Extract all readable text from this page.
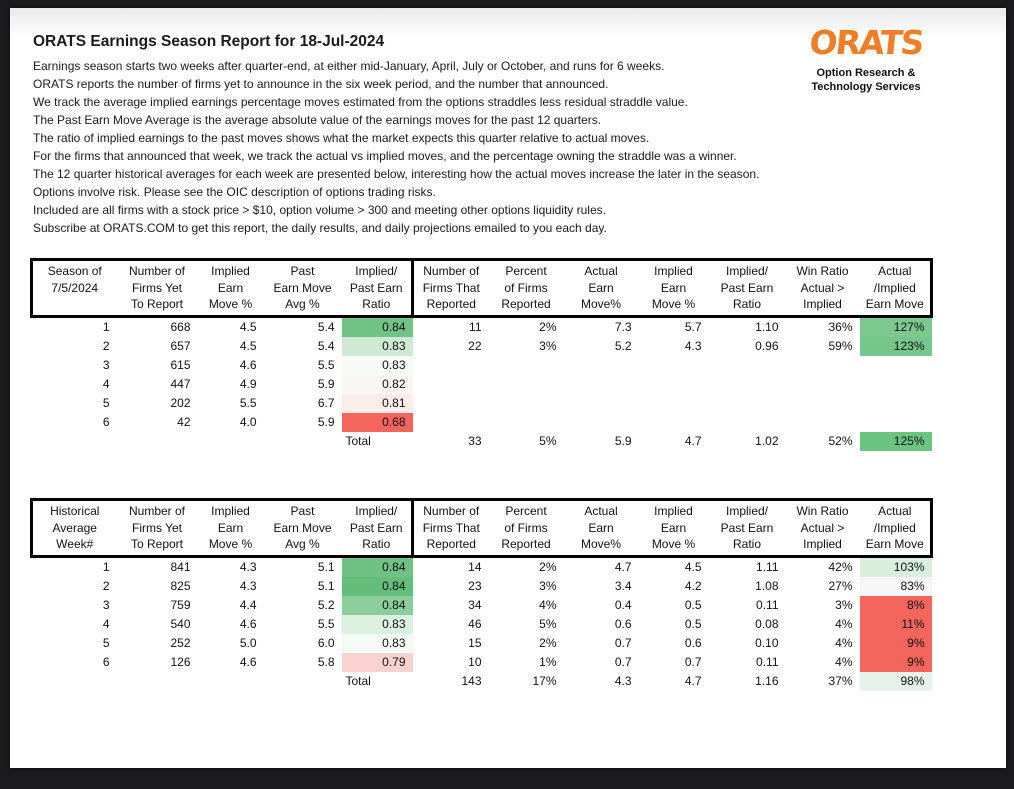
ORATS Earnings Season Report for 18-Jul-2024	ORATS
Option Research &
Technology Services
Earnings season starts two weeks after quarter-end, at either mid-January, April, July or October, and runs for 6 weeks.
ORATS reports the number of firms yet to announce in the six week period, and the number that announced.
We track the average implied earnings percentage moves estimated from the options straddles less residual straddle value.
The Past Earn Move Average is the average absolute value of the earnings moves for the past 12 quarters.
The ratio of implied earnings to the past moves shows what the market expects this quarter relative to actual moves.
For the firms that announced that week, we track the actual vs implied moves, and the percentage owning the straddle was a winner.
The 12 quarter historical averages for each week are presented below, interesting how the actual moves increase the later in the season.
Options involve risk. Please see the OIC description of options trading risks.
Included are all firms with a stock price > $10, option volume > 300 and meeting other options liquidity rules.
Subscribe at ORATS.COM to get this report, the daily results, and daily projections emailed to you each day.
Season of
7/5/2024

Number of
Firms Yet
To Report

Implied
Earn
Move %

Past
Earn Move
Avg %

Implied/
Past Earn
Ratio

Number of
Firms That
Reported

Percent
of Firms
Reported

Actual
Earn
Move%

Implied
Earn
Move %

Implied/
Past Earn
Ratio

Win Ratio
Actual >
Implied

Actual
/Implied
Earn Move

1	668	4.5	5.4	0.84	11	2%	7.3	5.7	1.10	36%	127%
2	657	4.5	5.4	0.83	22	3%	5.2	4.3	0.96	59%	123%
3	615	4.6	5.5	0.83							
4	447	4.9	5.9	0.82							
5	202	5.5	6.7	0.81							
6	42	4.0	5.9	0.68							
				Total	33	5%	5.9	4.7	1.02	52%	125%
Historical
Average
Week#

Number of
Firms Yet
To Report

Implied
Earn
Move %

Past
Earn Move
Avg %

Implied/
Past Earn
Ratio

Number of
Firms That
Reported

Percent
of Firms
Reported

Actual
Earn
Move%

Implied
Earn
Move %

Implied/
Past Earn
Ratio

Win Ratio
Actual >
Implied

Actual
/Implied
Earn Move

1	841	4.3	5.1	0.84	14	2%	4.7	4.5	1.11	42%	103%
2	825	4.3	5.1	0.84	23	3%	3.4	4.2	1.08	27%	83%
3	759	4.4	5.2	0.84	34	4%	0.4	0.5	0.11	3%	8%
4	540	4.6	5.5	0.83	46	5%	0.6	0.5	0.08	4%	11%
5	252	5.0	6.0	0.83	15	2%	0.7	0.6	0.10	4%	9%
6	126	4.6	5.8	0.79	10	1%	0.7	0.7	0.11	4%	9%
				Total	143	17%	4.3	4.7	1.16	37%	98%
